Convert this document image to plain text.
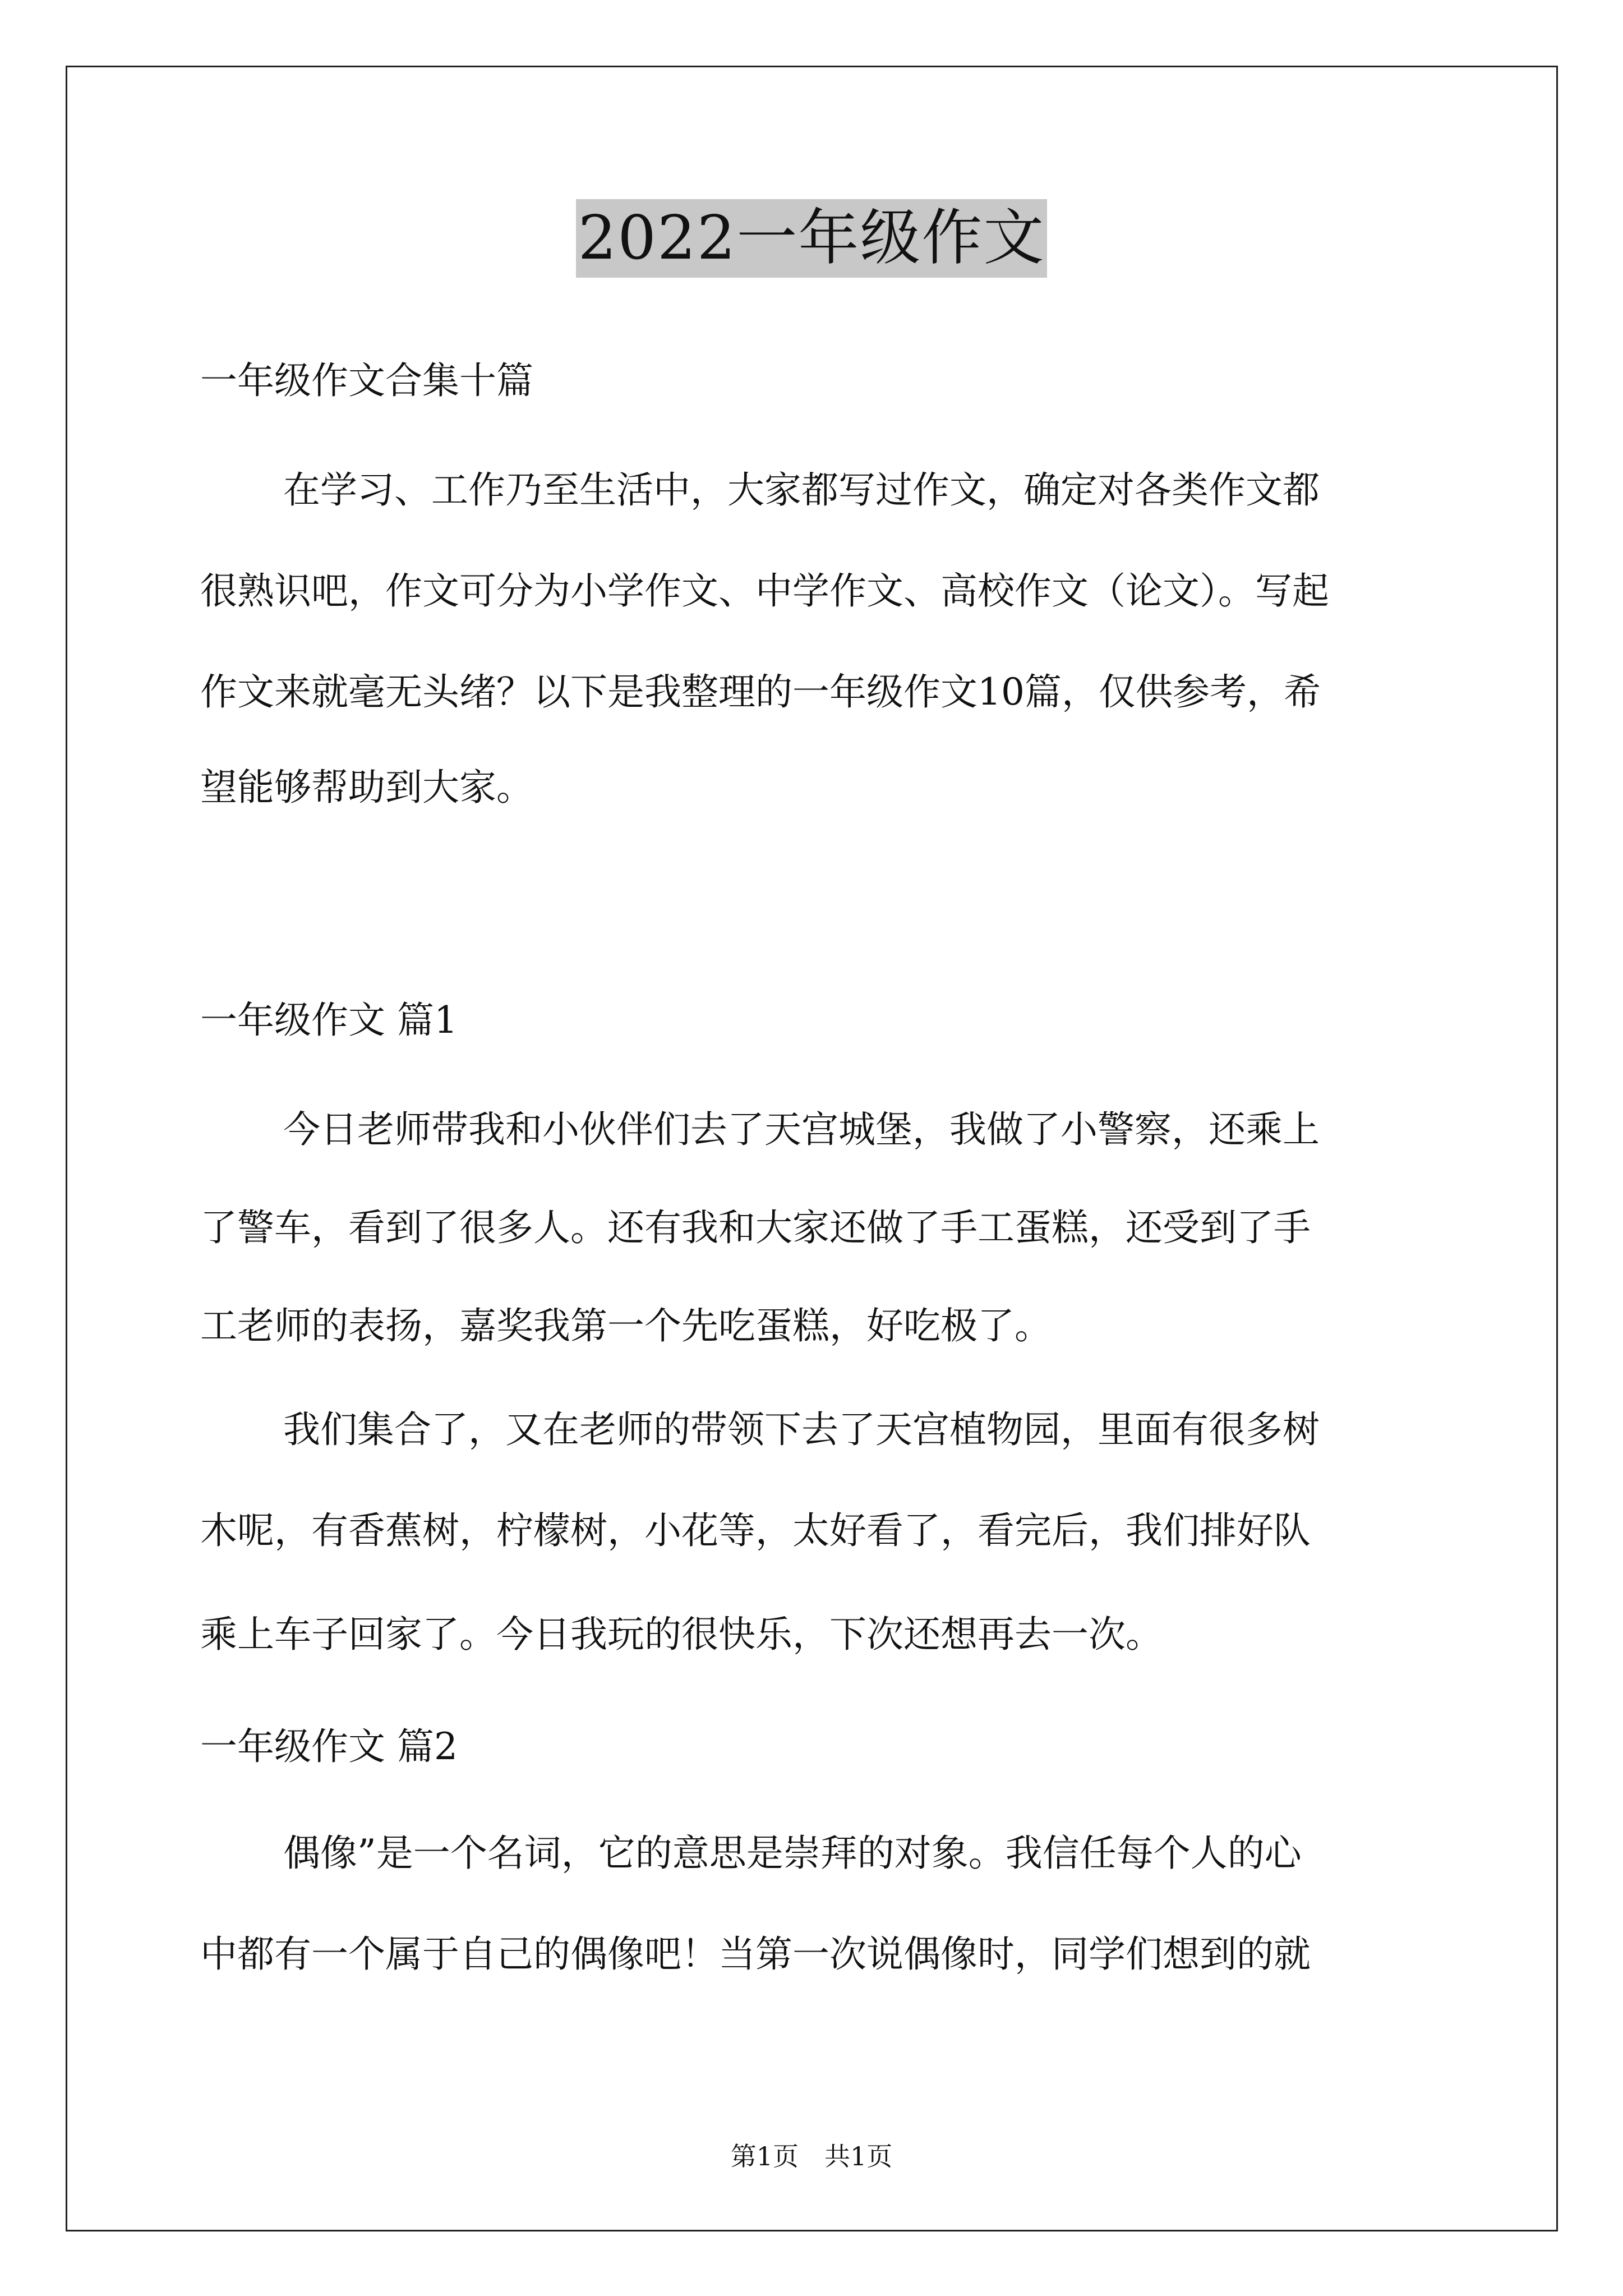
2022一年级作文
一年级作文合集十篇
在学习、工作乃至生活中，大家都写过作文，确定对各类作文都
很熟识吧，作文可分为小学作文、中学作文、高校作文（论文）。写起
作文来就毫无头绪？以下是我整理的一年级作文10篇，仅供参考，希
望能够帮助到大家。
一年级作文 篇1
今日老师带我和小伙伴们去了天宫城堡，我做了小警察，还乘上
了警车，看到了很多人。还有我和大家还做了手工蛋糕，还受到了手
工老师的表扬，嘉奖我第一个先吃蛋糕，好吃极了。
我们集合了，又在老师的带领下去了天宫植物园，里面有很多树
木呢，有香蕉树，柠檬树，小花等，太好看了，看完后，我们排好队
乘上车子回家了。今日我玩的很快乐，下次还想再去一次。
一年级作文 篇2
偶像”是一个名词，它的意思是崇拜的对象。我信任每个人的心
中都有一个属于自己的偶像吧！当第一次说偶像时，同学们想到的就
第1页　共1页
